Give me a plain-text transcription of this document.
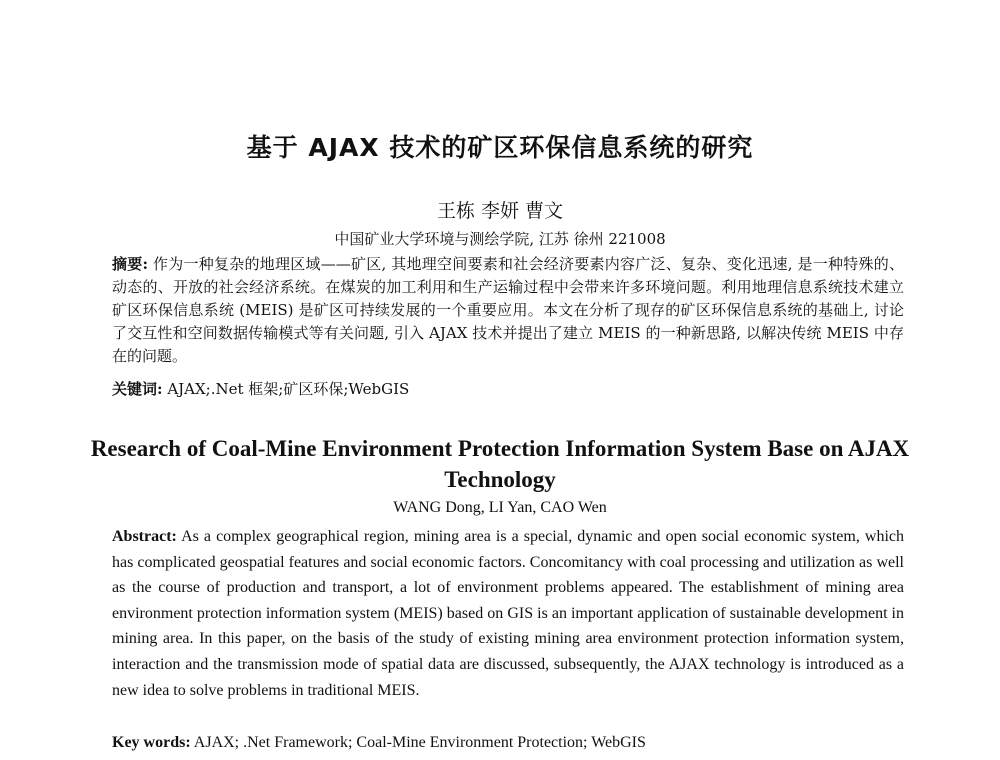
基于 AJAX 技术的矿区环保信息系统的研究
王栋 李妍 曹文
中国矿业大学环境与测绘学院, 江苏 徐州 221008
摘要: 作为一种复杂的地理区域——矿区, 其地理空间要素和社会经济要素内容广泛、复杂、变化迅速, 是一种特殊的、动态的、开放的社会经济系统。在煤炭的加工利用和生产运输过程中会带来许多环境问题。利用地理信息系统技术建立矿区环保信息系统 (MEIS) 是矿区可持续发展的一个重要应用。本文在分析了现存的矿区环保信息系统的基础上, 讨论了交互性和空间数据传输模式等有关问题, 引入 AJAX 技术并提出了建立 MEIS 的一种新思路, 以解决传统 MEIS 中存在的问题。
关键词: AJAX;.Net 框架;矿区环保;WebGIS
Research of Coal-Mine Environment Protection Information System Base on AJAX Technology
WANG Dong, LI Yan, CAO Wen
Abstract: As a complex geographical region, mining area is a special, dynamic and open social economic system, which has complicated geospatial features and social economic factors. Concomitancy with coal processing and utilization as well as the course of production and transport, a lot of environment problems appeared. The establishment of mining area environment protection information system (MEIS) based on GIS is an important application of sustainable development in mining area. In this paper, on the basis of the study of existing mining area environment protection information system, interaction and the transmission mode of spatial data are discussed, subsequently, the AJAX technology is introduced as a new idea to solve problems in traditional MEIS.
Key words: AJAX; .Net Framework; Coal-Mine Environment Protection; WebGIS
